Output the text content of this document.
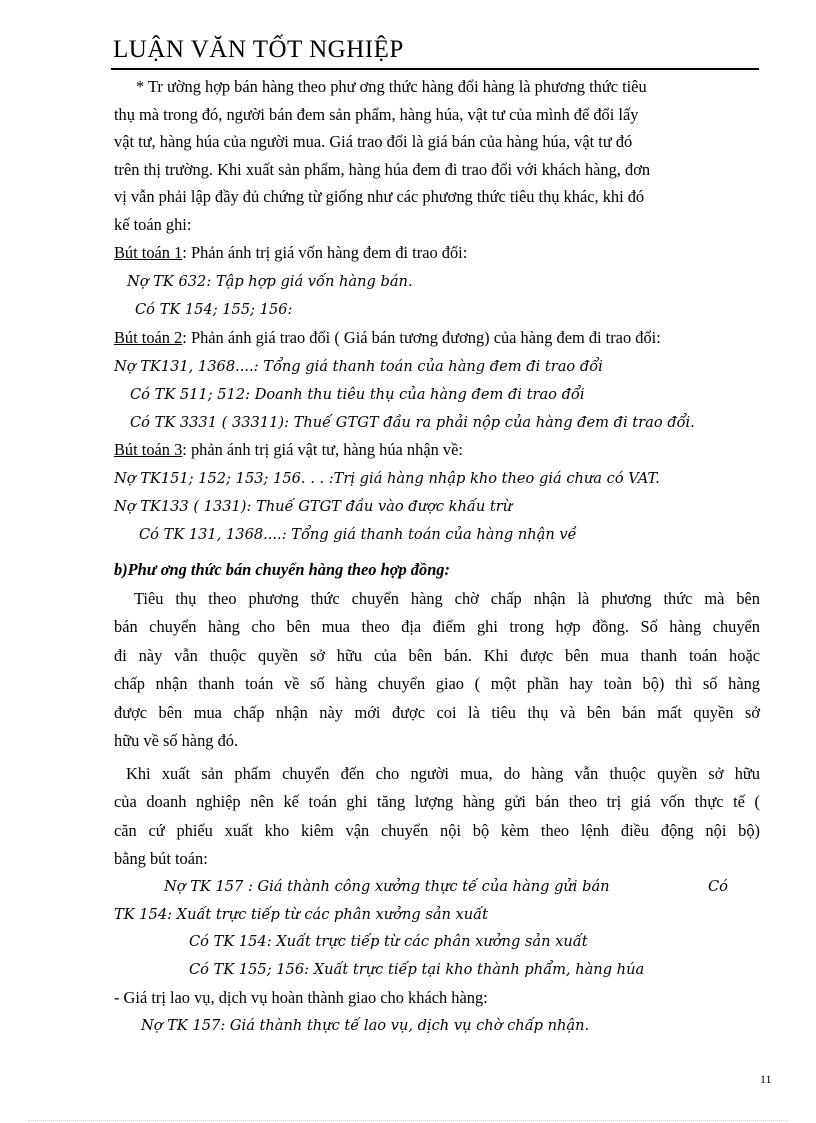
LUẬN VĂN TỐT NGHIỆP
* Tr ường hợp bán hàng theo phư ơng thức hàng đổi hàng là phương thức tiêu
thụ mà trong đó, người bán đem sản phẩm, hàng húa, vật tư của mình để đổi lấy
vật tư, hàng húa của người mua. Giá trao đổi là giá bán của hàng húa, vật tư đó
trên thị trường. Khi xuất sản phẩm, hàng húa đem đi trao đổi với khách hàng, đơn
vị vẫn phải lập đầy đủ chứng từ giống như các phương thức tiêu thụ khác, khi đó
kế toán ghi:
Bút toán 1: Phản ánh trị giá vốn hàng đem đi trao đổi:
Nợ TK 632: Tập hợp giá vốn hàng bán.
Có TK 154; 155; 156:
Bút toán 2: Phản ánh giá trao đổi ( Giá bán tương đương) của hàng đem đi trao đổi:
Nợ TK131, 1368....: Tổng giá thanh toán của hàng đem đi trao đổi
Có TK 511; 512: Doanh thu tiêu thụ của hàng đem đi trao đổi
Có TK 3331 ( 33311): Thuế GTGT đầu ra phải nộp của hàng đem đi trao đổi.
Bút toán 3: phản ánh trị giá vật tư, hàng húa nhận về:
Nợ TK151; 152; 153; 156. . . :Trị giá hàng nhập kho theo giá chưa có VAT.
Nợ TK133 ( 1331): Thuế GTGT đầu vào được khấu trừ
Có TK 131, 1368....: Tổng giá thanh toán của hàng nhận về
b)Phư ơng thức bán chuyển hàng theo hợp đồng:
Tiêu thụ theo phương thức chuyển hàng chờ chấp nhận là phương thức mà bên
bán chuyển hàng cho bên mua theo địa điểm ghi trong hợp đồng. Số hàng chuyển
đi này vẫn thuộc quyền sở hữu của bên bán. Khi được bên mua thanh toán hoặc
chấp nhận thanh toán về số hàng chuyển giao ( một phần hay toàn bộ) thì số hàng
được bên mua chấp nhận này mới được coi là tiêu thụ và bên bán mất quyền sở
hữu về số hàng đó.
Khi xuất sản phẩm chuyển đến cho người mua, do hàng vẫn thuộc quyền sở hữu
của doanh nghiệp nên kế toán ghi tăng lượng hàng gửi bán theo trị giá vốn thực tế (
căn cứ phiếu xuất kho kiêm vận chuyển nội bộ kèm theo lệnh điều động nội bộ)
bằng bút toán:
Nợ TK 157 : Giá thành công xưởng thực tế của hàng gửi bán	Có
TK 154: Xuất trực tiếp từ các phân xưởng sản xuất
Có TK 154: Xuất trực tiếp từ các phân xưởng sản xuất
Có TK 155; 156: Xuất trực tiếp tại kho thành phẩm, hàng húa
- Giá trị lao vụ, dịch vụ hoàn thành giao cho khách hàng:
Nợ TK 157: Giá thành thực tế lao vụ, dịch vụ chờ chấp nhận.
11
